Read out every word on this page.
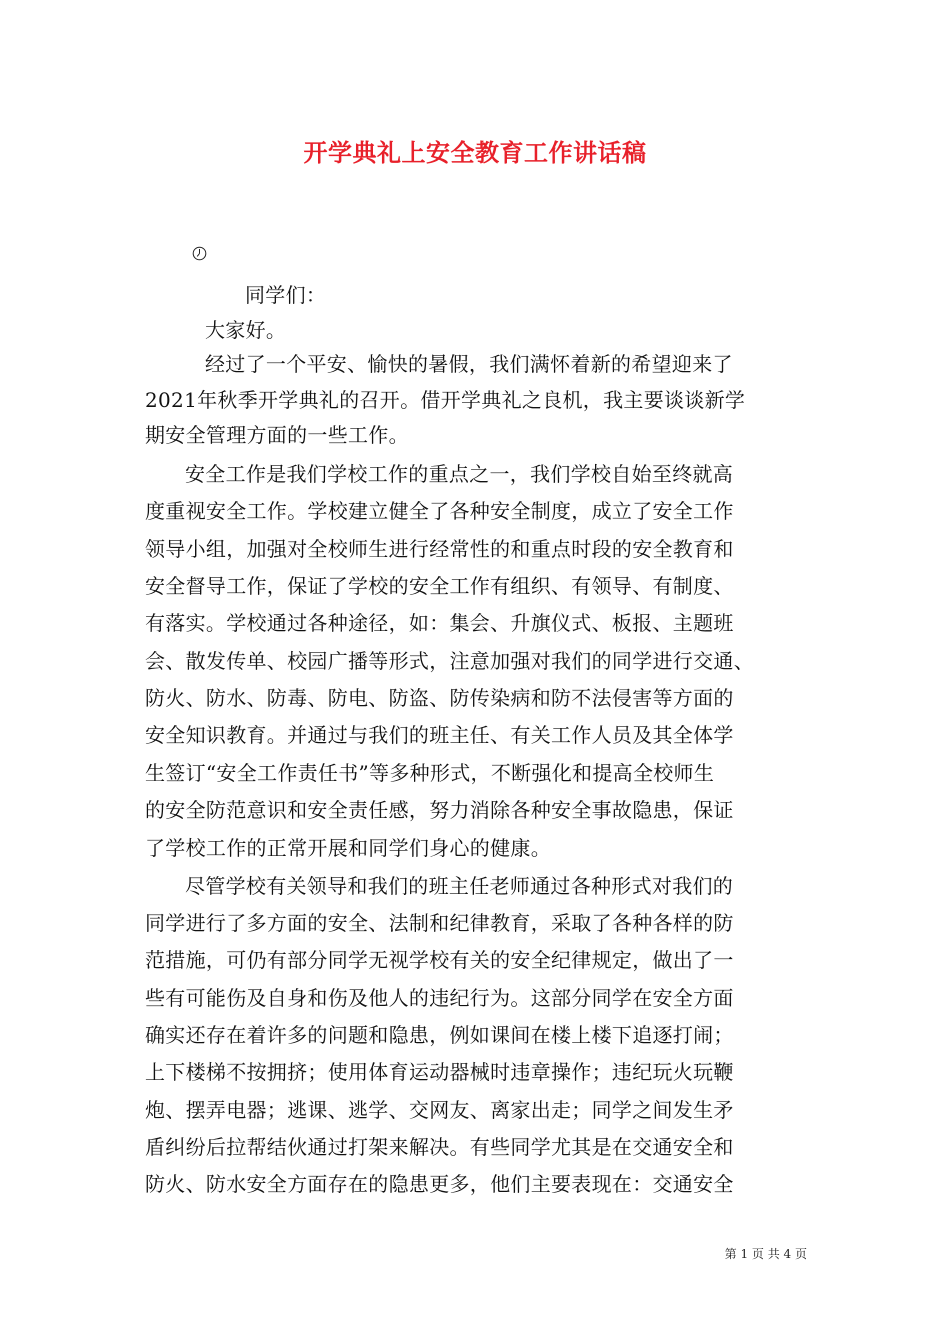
开学典礼上安全教育工作讲话稿
同学们：
大家好。
经过了一个平安、愉快的暑假，我们满怀着新的希望迎来了
2021年秋季开学典礼的召开。借开学典礼之良机，我主要谈谈新学
期安全管理方面的一些工作。
安全工作是我们学校工作的重点之一，我们学校自始至终就高
度重视安全工作。学校建立健全了各种安全制度，成立了安全工作
领导小组，加强对全校师生进行经常性的和重点时段的安全教育和
安全督导工作，保证了学校的安全工作有组织、有领导、有制度、
有落实。学校通过各种途径，如：集会、升旗仪式、板报、主题班
会、散发传单、校园广播等形式，注意加强对我们的同学进行交通、
防火、防水、防毒、防电、防盗、防传染病和防不法侵害等方面的
安全知识教育。并通过与我们的班主任、有关工作人员及其全体学
生签订“安全工作责任书”等多种形式，不断强化和提高全校师生
的安全防范意识和安全责任感，努力消除各种安全事故隐患，保证
了学校工作的正常开展和同学们身心的健康。
尽管学校有关领导和我们的班主任老师通过各种形式对我们的
同学进行了多方面的安全、法制和纪律教育，采取了各种各样的防
范措施，可仍有部分同学无视学校有关的安全纪律规定，做出了一
些有可能伤及自身和伤及他人的违纪行为。这部分同学在安全方面
确实还存在着许多的问题和隐患，例如课间在楼上楼下追逐打闹；
上下楼梯不按拥挤；使用体育运动器械时违章操作；违纪玩火玩鞭
炮、摆弄电器；逃课、逃学、交网友、离家出走；同学之间发生矛
盾纠纷后拉帮结伙通过打架来解决。有些同学尤其是在交通安全和
防火、防水安全方面存在的隐患更多，他们主要表现在：交通安全
第 1 页 共 4 页
